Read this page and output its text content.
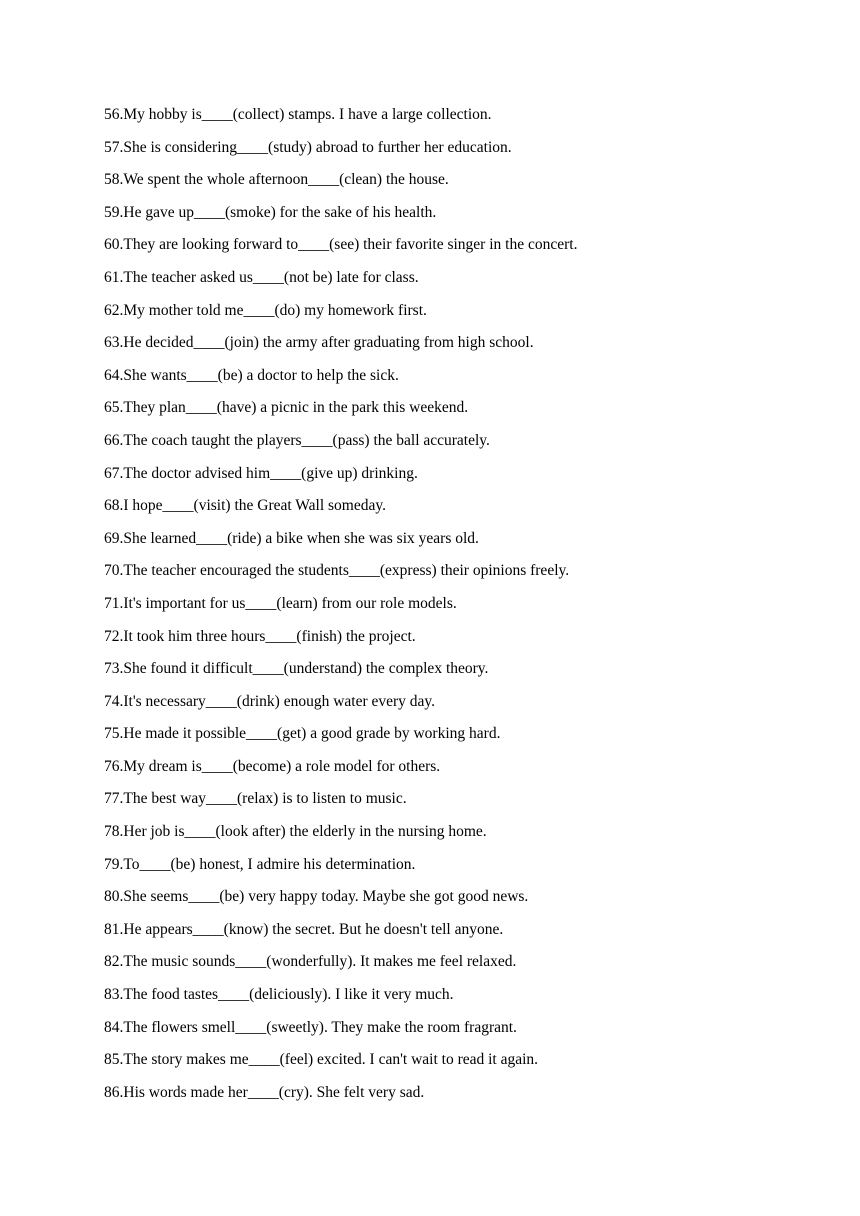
56.My hobby is____(collect) stamps. I have a large collection.
57.She is considering____(study) abroad to further her education.
58.We spent the whole afternoon____(clean) the house.
59.He gave up____(smoke) for the sake of his health.
60.They are looking forward to____(see) their favorite singer in the concert.
61.The teacher asked us____(not be) late for class.
62.My mother told me____(do) my homework first.
63.He decided____(join) the army after graduating from high school.
64.She wants____(be) a doctor to help the sick.
65.They plan____(have) a picnic in the park this weekend.
66.The coach taught the players____(pass) the ball accurately.
67.The doctor advised him____(give up) drinking.
68.I hope____(visit) the Great Wall someday.
69.She learned____(ride) a bike when she was six years old.
70.The teacher encouraged the students____(express) their opinions freely.
71.It's important for us____(learn) from our role models.
72.It took him three hours____(finish) the project.
73.She found it difficult____(understand) the complex theory.
74.It's necessary____(drink) enough water every day.
75.He made it possible____(get) a good grade by working hard.
76.My dream is____(become) a role model for others.
77.The best way____(relax) is to listen to music.
78.Her job is____(look after) the elderly in the nursing home.
79.To____(be) honest, I admire his determination.
80.She seems____(be) very happy today. Maybe she got good news.
81.He appears____(know) the secret. But he doesn't tell anyone.
82.The music sounds____(wonderfully). It makes me feel relaxed.
83.The food tastes____(deliciously). I like it very much.
84.The flowers smell____(sweetly). They make the room fragrant.
85.The story makes me____(feel) excited. I can't wait to read it again.
86.His words made her____(cry). She felt very sad.
